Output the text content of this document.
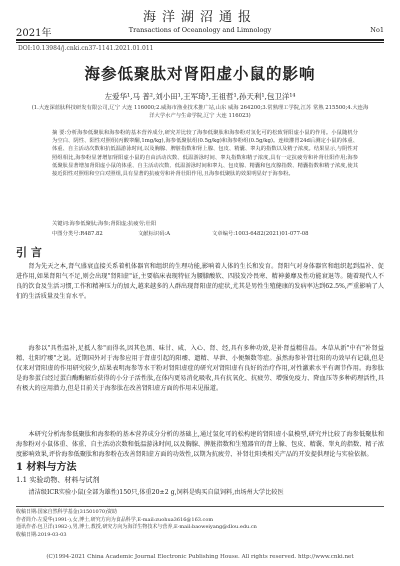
海洋湖沼通报
2021年	Transactions of Oceanology and Limnology	No1
DOI:10.13984/j.cnki.cn37-1141.2021.01.011
海参低聚肽对肾阳虚小鼠的影响
左爱华¹,马 普²,刘小田¹,王军琦³,王祖哲¹,孙天利¹,包卫洋¹⁴
(1.大连深蓝肽科技研发有限公司,辽宁 大连 116000;2.威海市渔业技术推广站,山东 威海 264200;3.常熟理工学院,江苏 常熟 215500;4.大连海洋大学水产与生命学院,辽宁 大连 116023)
摘 要:分析海参低聚肽和海参粉的基本营养成分,研究并比较了海参低聚肽和海参粉对氢化可的松致肾阳虚小鼠的作用。小鼠随机分为空白、阴性、阳性对照组(丙酸睾酮,1mg/kg),海参低聚肽组(0.5g/kg)和海参粉组(0.5g/kg)。连续灌胃24d后测定小鼠的体重、体重、自主活动次数和抗低温游泳时间,以及胸腺、脾脏指数和肾上腺、包皮、精囊、睾丸的指数以及精子浓度。结果显示,与阴性对照组相比,海参粉显著增加肾阳虚小鼠的自由活动次数、低温游泳时间、睾丸指数和精子浓度,具有一定抗疲劳和补肾壮阳作用;海参低聚肽显著增加肾阳虚小鼠的体重、自主活动次数、低温游泳时间和睾丸、包皮腺、精囊和包皮腺指数、精囊指数和精子浓度,使其接近阳性对照组和空白对照组,具有显著的抗疲劳和补肾壮阳作用,且海参低聚肽的效果明显好于海参粉。
关键词:海参低聚肽;海参;肾阳虚;抗疲劳;壮阳
中图分类号:R487.82	文献标识码:A	文章编号:1003-6482(2021)01-077-08
引 言

肾为先天之本,肾气盛衰直接关系着机体器官和组织的生理功能,影响着人体的生长和发育。肾阳气对身体器官和组织起到温补、促进作用,如果肾阳气不足,则会出现"肾阳虚"证,主要临床表现特征为腰膝酸软、四肢发冷畏寒、精神萎靡及性功能衰退等。随着现代人不良的饮食及生活习惯,工作和精神压力的加大,越来越多的人群出现肾阳虚的症状,尤其是男性生殖健康的发病率达到62.5%,严重影响了人们的生活质量及生育水平。

海参以"具性温补,足抵人参"而得名,因其色黑、味甘、咸、入心、肾、经,具有多种功效,是补肾益精佳品。本草从新"中有"补肾益精、壮阳疗痿"之说。近期国外对于海参应用于肾虚引起的阳痿、遗精、早泄、小便频数等症。虽然海参补肾壮阳的功效早有记载,但是仅来对肾阳虚的作用研究较少,结果表明海参等水干粉对肾阳虚症的研究对肾阳虚有良好的治疗作用,对性激素水平有调节作用。海参肽是海参蛋白经过蛋白酶酶解后获得的小分子活性肽,在体内更易消化吸收,具有抗氧化、抗疲劳、增强免疫力、降血压等多种药理活性,具有极大的应用潜力,但是目前关于海参肽在改善肾阳虚方面的作用未见报道。

本研究分析海参低聚肽和海参粉的基本营养成分分析的基础上,通过氢化可的松构建的肾阳虚小鼠模型,研究并比较了海参低聚肽和海参粉对小鼠体重、体重、自主活动次数和低温游泳时间,以及胸腺、脾脏指数和生殖器官的肾上腺、包皮、精囊、睾丸的指数、精子浓度影响效果,评价海参低聚肽和海参粉在改善肾阳虚方面的功效性,以期为抗疲劳、补肾壮阳类相关产品的开发提供理论与实验依据。

1 材料与方法
1.1 实验动物、材料与试剂

清洁级ICR实验小鼠(全部为雄性)150只,体重20±2 g,饲料是购买自鼠饲料,由场州大学比较医

收稿日期:国家自然科学基金(31501070)资助
作者简介:左爱华(1991-),女,博士,研究方向为食品科学,E-mail:zuohua3616@163.com
通讯作者:包卫洋(1982-),男,博士,教授,研究方向为海洋生物技术与营养,E-mail:baoweiyang@dlou.edu.cn
收稿日期:2019-03-03
(C)1994-2021 China Academic Journal Electronic Publishing House. All rights reserved. http://www.cnki.net
